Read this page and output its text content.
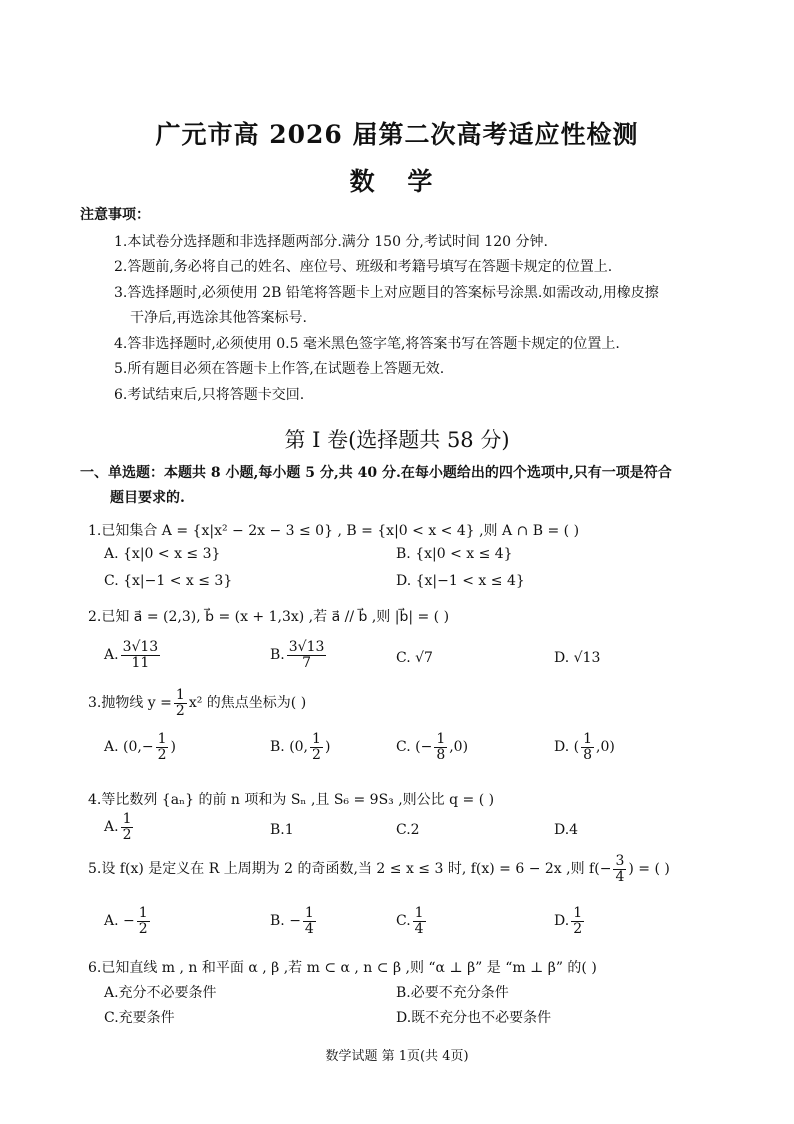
广元市高 2026 届第二次高考适应性检测
数 学
注意事项：
1.本试卷分选择题和非选择题两部分.满分 150 分,考试时间 120 分钟.
2.答题前,务必将自己的姓名、座位号、班级和考籍号填写在答题卡规定的位置上.
3.答选择题时,必须使用 2B 铅笔将答题卡上对应题目的答案标号涂黑.如需改动,用橡皮擦
干净后,再选涂其他答案标号.
4.答非选择题时,必须使用 0.5 毫米黑色签字笔,将答案书写在答题卡规定的位置上.
5.所有题目必须在答题卡上作答,在试题卷上答题无效.
6.考试结束后,只将答题卡交回.
第 I 卷(选择题共 58 分)
一、单选题：本题共 8 小题,每小题 5 分,共 40 分.在每小题给出的四个选项中,只有一项是符合
题目要求的.
1.已知集合 A = {x|x² − 2x − 3 ≤ 0} , B = {x|0 < x < 4} ,则 A ∩ B = ( )
A. {x|0 < x ≤ 3}	B. {x|0 < x ≤ 4}
C. {x|−1 < x ≤ 3}	D. {x|−1 < x ≤ 4}
2.已知 a⃗ = (2,3), b⃗ = (x + 1,3x) ,若 a⃗ // b⃗ ,则 |b⃗| = ( )
A. $\frac{3√13}{11}$	B. $\frac{3√13}{7}$	C. √7	D. √13
3.抛物线 $y = \frac{1}{2} x^2$ 的焦点坐标为( )
A. ($0,- \frac{1}{2}$ )	B. (0, $\frac{1}{2}$ )	C. (− $\frac{1}{8} ,0$)	D. ( $\frac{1}{8} ,0$)
4.等比数列 {aₙ} 的前 n 项和为 Sₙ ,且 S₆ = 9S₃ ,则公比 q = ( )
A. $\frac{1}{2}$	B.1	C.2	D.4
5.设 f(x) 是定义在 R 上周期为 2 的奇函数,当 2 ≤ x ≤ 3 时, f(x) = 6 − 2x ,则 $f(- \frac{3}{4}$ ) = ( )
A. − $\frac{1}{2}$	B. − $\frac{1}{4}$	C. $\frac{1}{4}$	D. $\frac{1}{2}$
6.已知直线 m , n 和平面 α , β ,若 m ⊂ α , n ⊂ β ,则 “α ⊥ β” 是 “m ⊥ β” 的( )
A.充分不必要条件	B.必要不充分条件
C.充要条件	D.既不充分也不必要条件
数学试题 第 1页(共 4页)
